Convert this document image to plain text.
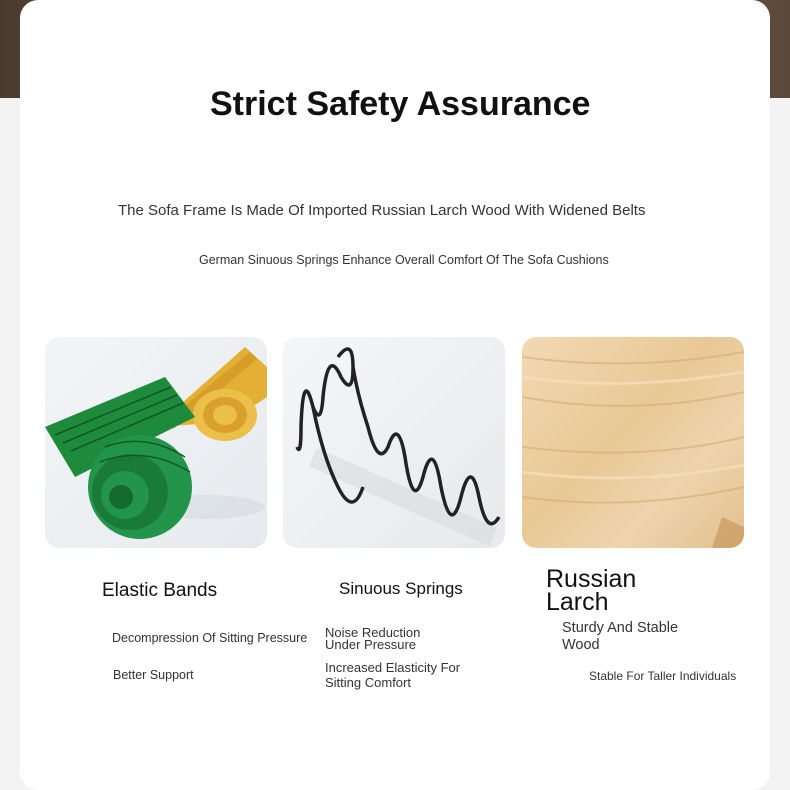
Strict Safety Assurance
The Sofa Frame Is Made Of Imported Russian Larch Wood With Widened Belts
German Sinuous Springs Enhance Overall Comfort Of The Sofa Cushions
Elastic Bands
Decompression Of Sitting Pressure
Better Support
Sinuous Springs
Noise Reduction Under Pressure
Increased Elasticity For Sitting Comfort
Russian Larch
Sturdy And Stable Wood
Stable For Taller Individuals
